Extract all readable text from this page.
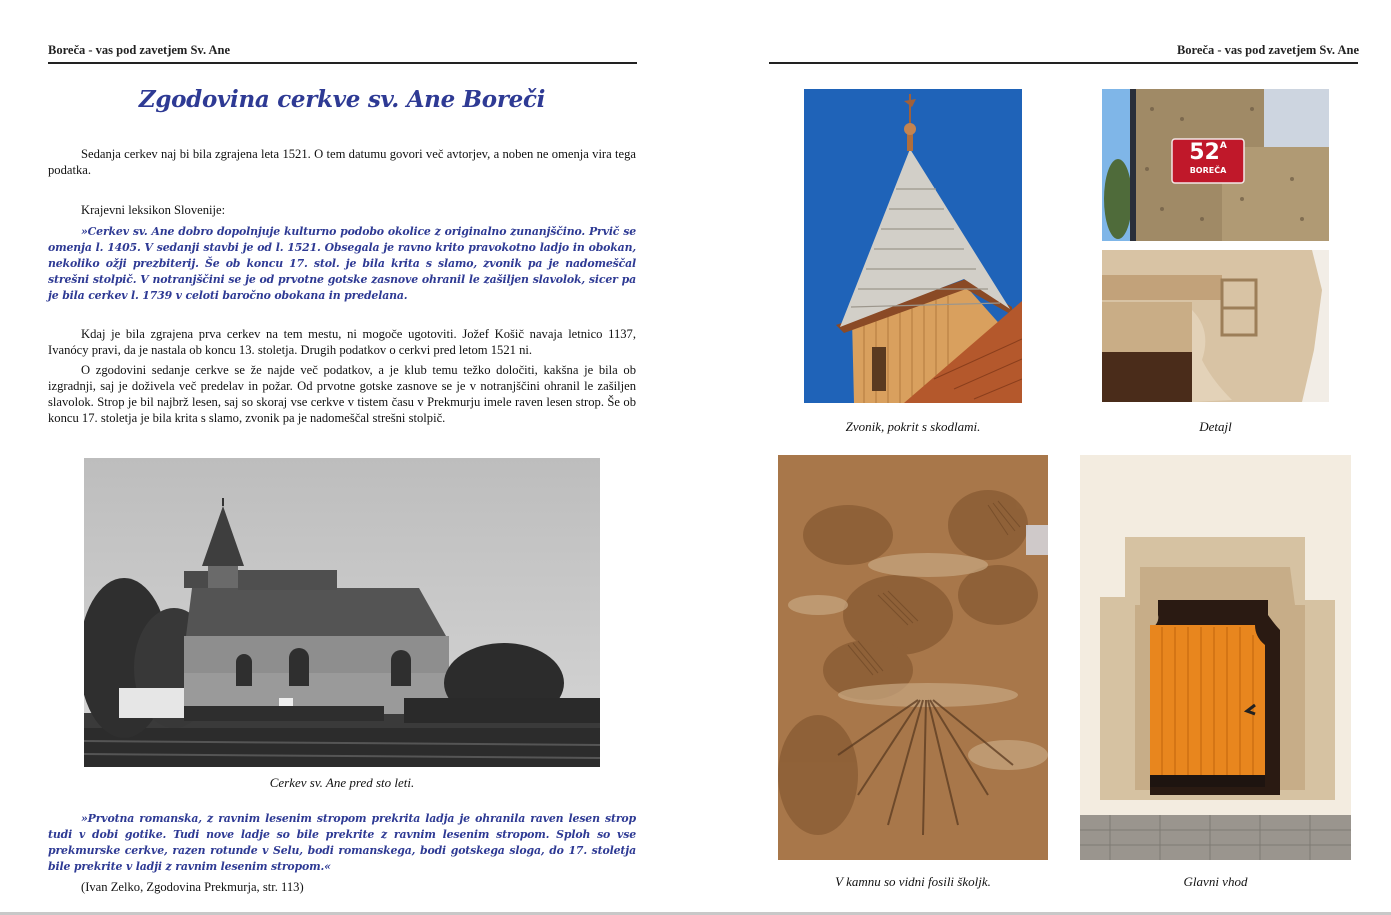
Boreča - vas pod zavetjem Sv. Ane
Zgodovina cerkve sv. Ane Boreči

Sedanja cerkev naj bi bila zgrajena leta 1521. O tem datumu govori več avtorjev, a noben ne omenja vira tega podatka.

Krajevni leksikon Slovenije:

»Cerkev sv. Ane dobro dopolnjuje kulturno podobo okolice z originalno zunanjščino. Prvič se omenja l. 1405. V sedanji stavbi je od l. 1521. Obsegala je ravno krito pravokotno ladjo in obokan, nekoliko ožji prezbiterij. Še ob koncu 17. stol. je bila krita s slamo, zvonik pa je nadomeščal strešni stolpič. V notranjščini se je od prvotne gotske zasnove ohranil le zašiljen slavolok, sicer pa je bila cerkev l. 1739 v celoti baročno obokana in predelana.

Kdaj je bila zgrajena prva cerkev na tem mestu, ni mogoče ugotoviti. Jožef Košič navaja letnico 1137, Ivanócy pravi, da je nastala ob koncu 13. stoletja. Drugih podatkov o cerkvi pred letom 1521 ni.

O zgodovini sedanje cerkve se že najde več podatkov, a je klub temu težko določiti, kakšna je bila ob izgradnji, saj je doživela več predelav in požar. Od prvotne gotske zasnove se je v notranjščini ohranil le zašiljen slavolok. Strop je bil najbrž lesen, saj so skoraj vse cerkve v tistem času v Prekmurju imele raven lesen strop. Še ob koncu 17. stoletja je bila krita s slamo, zvonik pa je nadomeščal strešni stolpič.

Cerkev sv. Ane pred sto leti.

»Prvotna romanska, z ravnim lesenim stropom prekrita ladja je ohranila raven lesen strop tudi v dobi gotike. Tudi nove ladje so bile prekrite z ravnim lesenim stropom. Sploh so vse prekmurske cerkve, razen rotunde v Selu, bodi romanskega, bodi gotskega sloga, do 17. stoletja bile prekrite v ladji z ravnim lesenim stropom.«

(Ivan Zelko, Zgodovina Prekmurja, str. 113)
Boreča - vas pod zavetjem Sv. Ane
$52^A$
BOREČA
Zvonik, pokrit s skodlami.	Detajl
V kamnu so vidni fosili školjk.	Glavni vhod
